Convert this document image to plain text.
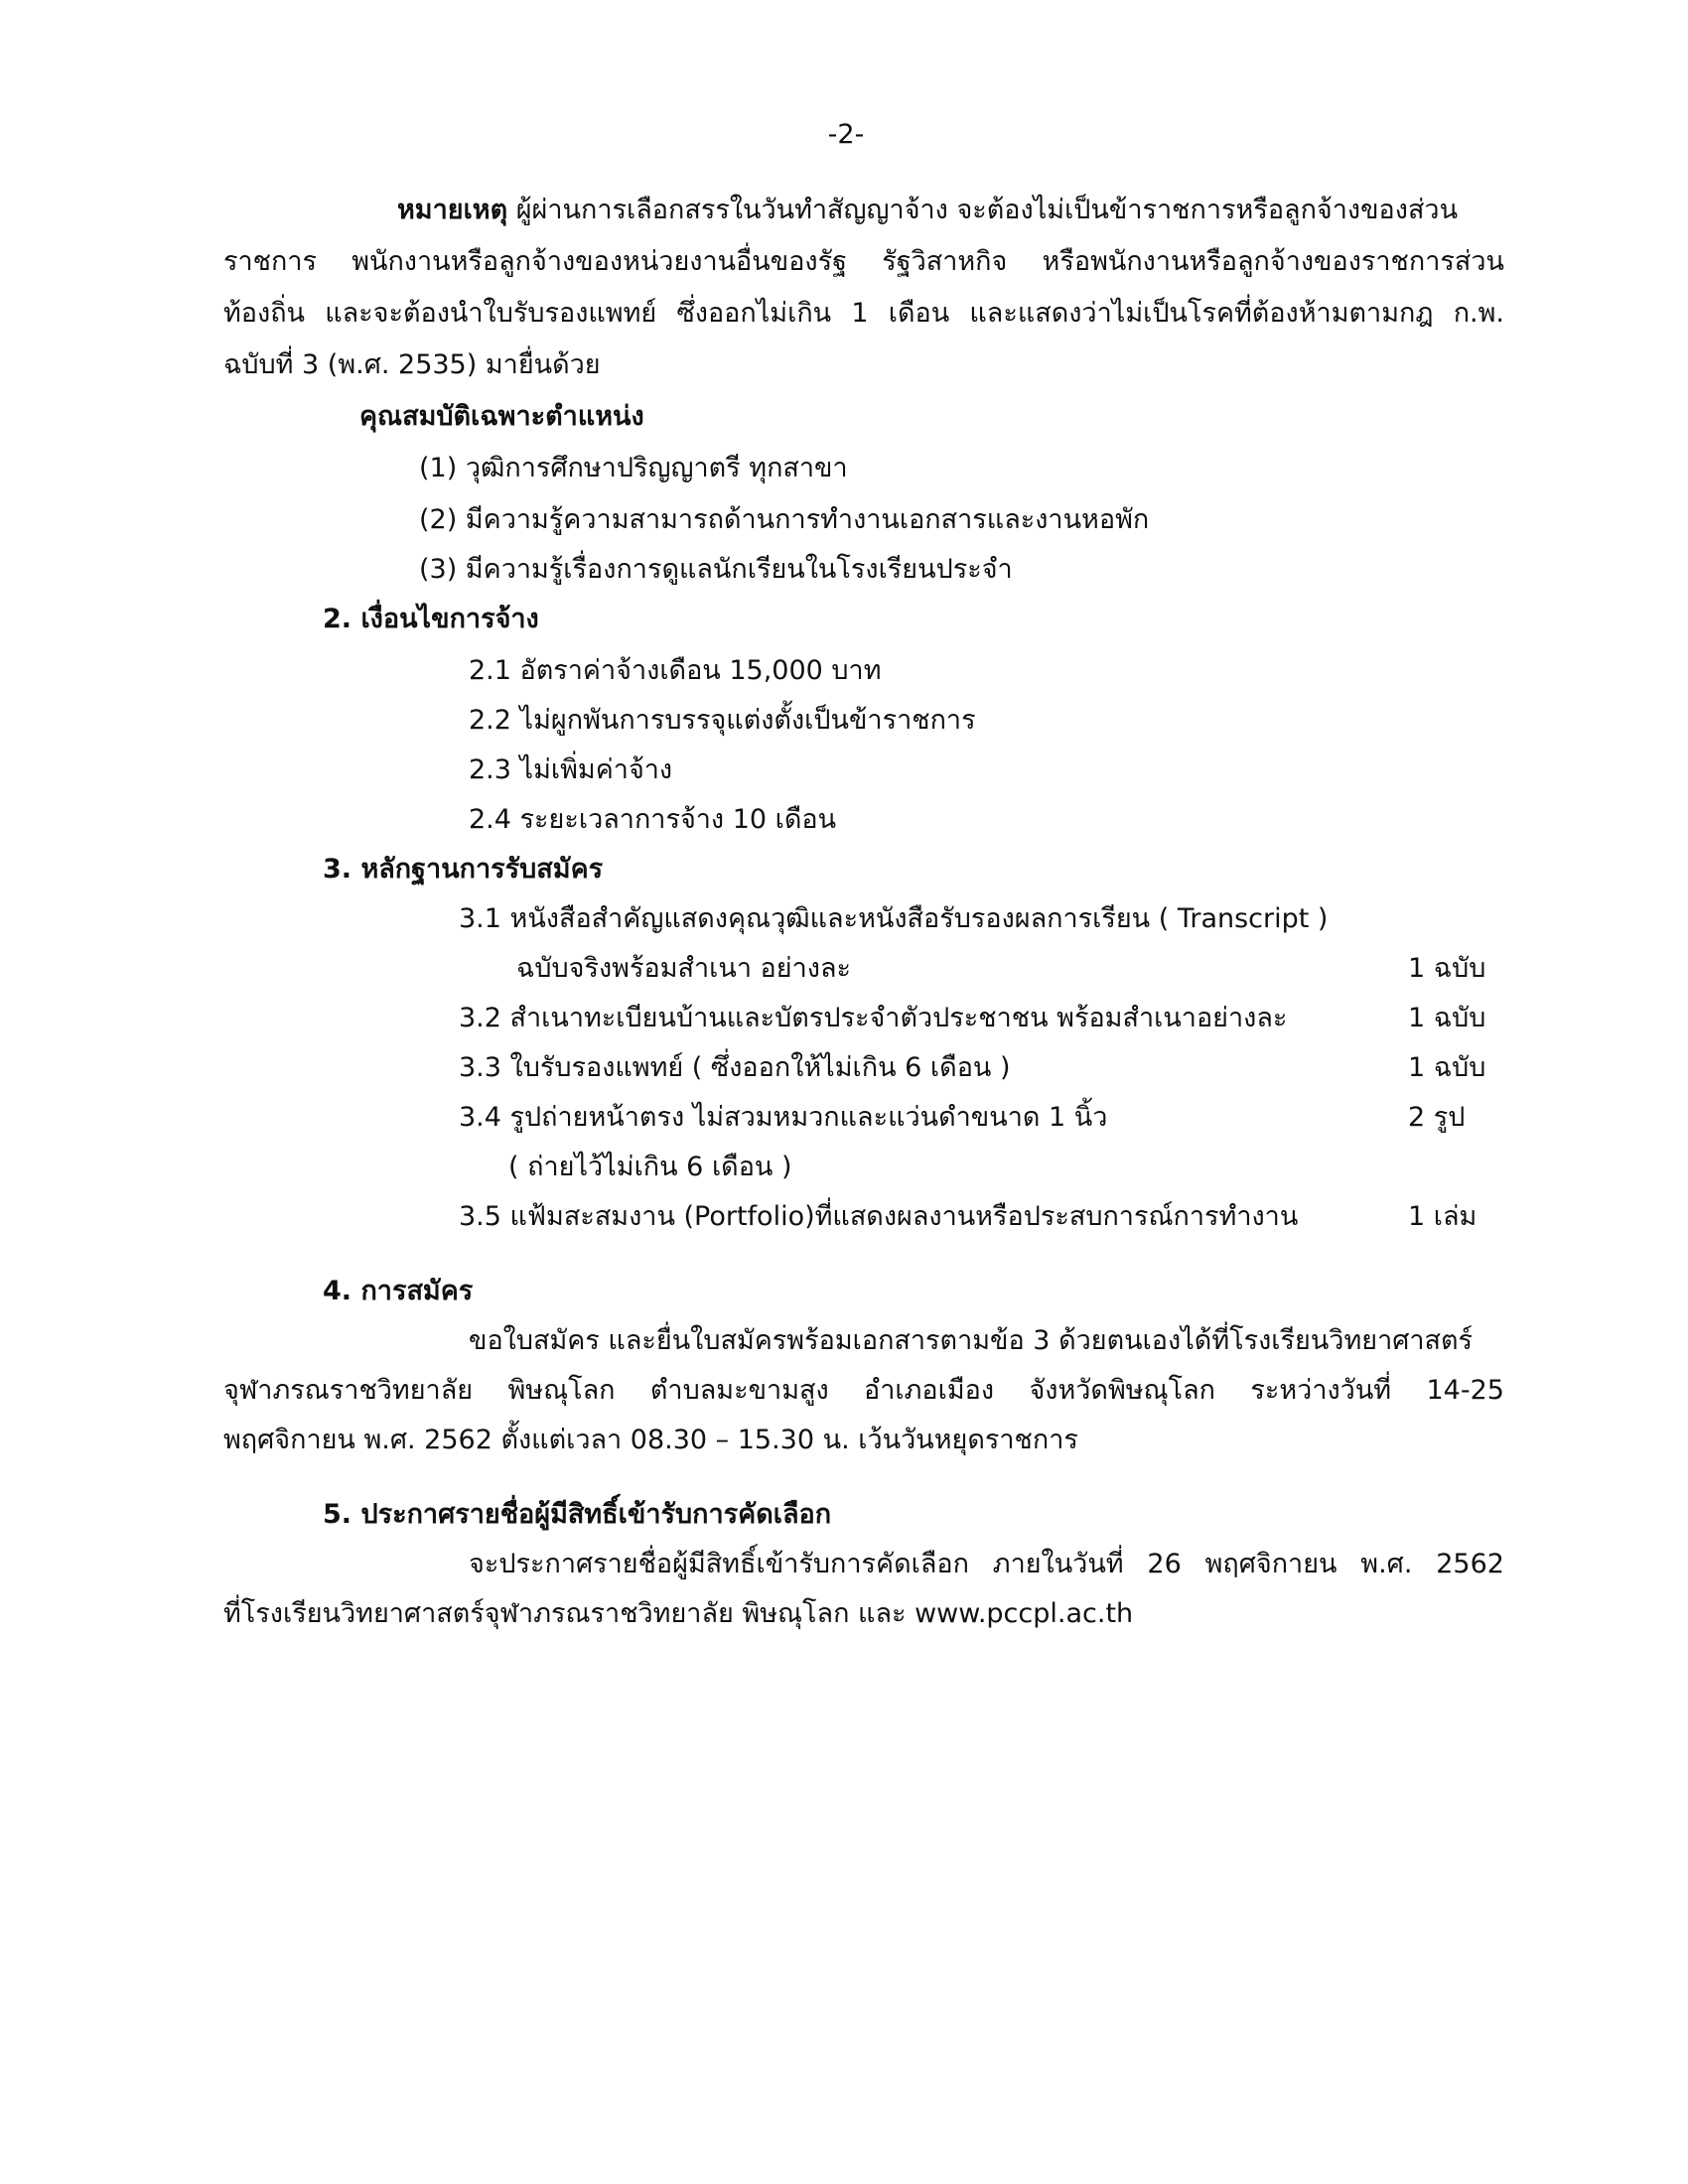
-2-
หมายเหตุ ผู้ผ่านการเลือกสรรในวันทำสัญญาจ้าง จะต้องไม่เป็นข้าราชการหรือลูกจ้างของส่วน
ราชการ พนักงานหรือลูกจ้างของหน่วยงานอื่นของรัฐ รัฐวิสาหกิจ หรือพนักงานหรือลูกจ้างของราชการส่วน
ท้องถิ่น และจะต้องนำใบรับรองแพทย์ ซึ่งออกไม่เกิน 1 เดือน และแสดงว่าไม่เป็นโรคที่ต้องห้ามตามกฎ ก.พ.
ฉบับที่ 3 (พ.ศ. 2535) มายื่นด้วย
คุณสมบัติเฉพาะตำแหน่ง
(1) วุฒิการศึกษาปริญญาตรี ทุกสาขา
(2) มีความรู้ความสามารถด้านการทำงานเอกสารและงานหอพัก
(3) มีความรู้เรื่องการดูแลนักเรียนในโรงเรียนประจำ
2. เงื่อนไขการจ้าง
2.1 อัตราค่าจ้างเดือน 15,000 บาท
2.2 ไม่ผูกพันการบรรจุแต่งตั้งเป็นข้าราชการ
2.3 ไม่เพิ่มค่าจ้าง
2.4 ระยะเวลาการจ้าง 10 เดือน
3. หลักฐานการรับสมัคร
3.1 หนังสือสำคัญแสดงคุณวุฒิและหนังสือรับรองผลการเรียน ( Transcript )
ฉบับจริงพร้อมสำเนา อย่างละ	1 ฉบับ
3.2 สำเนาทะเบียนบ้านและบัตรประจำตัวประชาชน พร้อมสำเนาอย่างละ	1 ฉบับ
3.3 ใบรับรองแพทย์ ( ซึ่งออกให้ไม่เกิน 6 เดือน )	1 ฉบับ
3.4 รูปถ่ายหน้าตรง ไม่สวมหมวกและแว่นดำขนาด 1 นิ้ว	2 รูป
( ถ่ายไว้ไม่เกิน 6 เดือน )
3.5 แฟ้มสะสมงาน (Portfolio)ที่แสดงผลงานหรือประสบการณ์การทำงาน	1 เล่ม
4. การสมัคร
ขอใบสมัคร และยื่นใบสมัครพร้อมเอกสารตามข้อ 3 ด้วยตนเองได้ที่โรงเรียนวิทยาศาสตร์
จุฬาภรณราชวิทยาลัย พิษณุโลก ตำบลมะขามสูง อำเภอเมือง จังหวัดพิษณุโลก ระหว่างวันที่ 14-25
พฤศจิกายน พ.ศ. 2562 ตั้งแต่เวลา 08.30 – 15.30 น. เว้นวันหยุดราชการ
5. ประกาศรายชื่อผู้มีสิทธิ์เข้ารับการคัดเลือก
จะประกาศรายชื่อผู้มีสิทธิ์เข้ารับการคัดเลือก ภายในวันที่ 26 พฤศจิกายน พ.ศ. 2562
ที่โรงเรียนวิทยาศาสตร์จุฬาภรณราชวิทยาลัย พิษณุโลก และ www.pccpl.ac.th
